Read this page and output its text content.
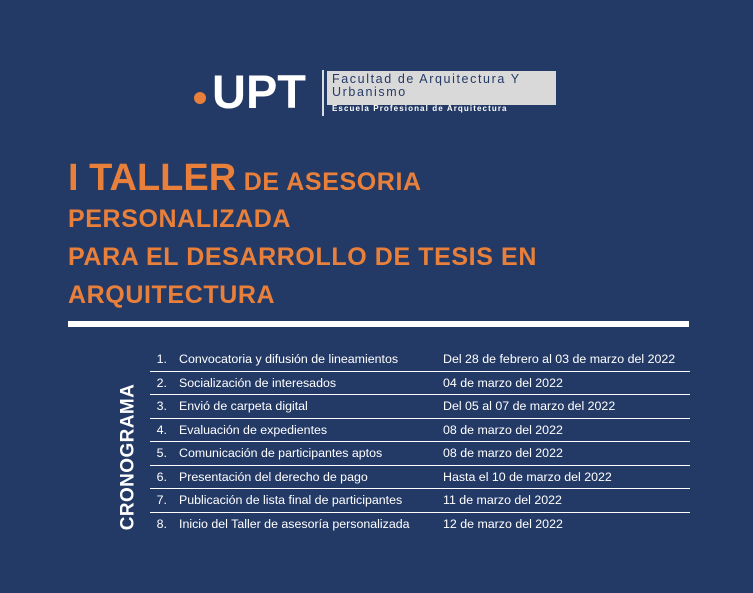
UPT Facultad de Arquitectura Y Urbanismo
Escuela Profesional de Arquitectura
I TALLER DE ASESORIA
PERSONALIZADA
PARA EL DESARROLLO DE TESIS EN
ARQUITECTURA
CRONOGRAMA
1. Convocatoria y difusión de lineamientos	Del 28 de febrero al 03 de marzo del 2022
2. Socialización de interesados	04 de marzo del 2022
3. Envió de carpeta digital	Del 05 al 07 de marzo del 2022
4. Evaluación de expedientes	08 de marzo del 2022
5. Comunicación de participantes aptos	08 de marzo del 2022
6. Presentación del derecho de pago	Hasta el 10 de marzo del 2022
7. Publicación de lista final de participantes	11 de marzo del 2022
8. Inicio del Taller de asesoría personalizada	12 de marzo del 2022
